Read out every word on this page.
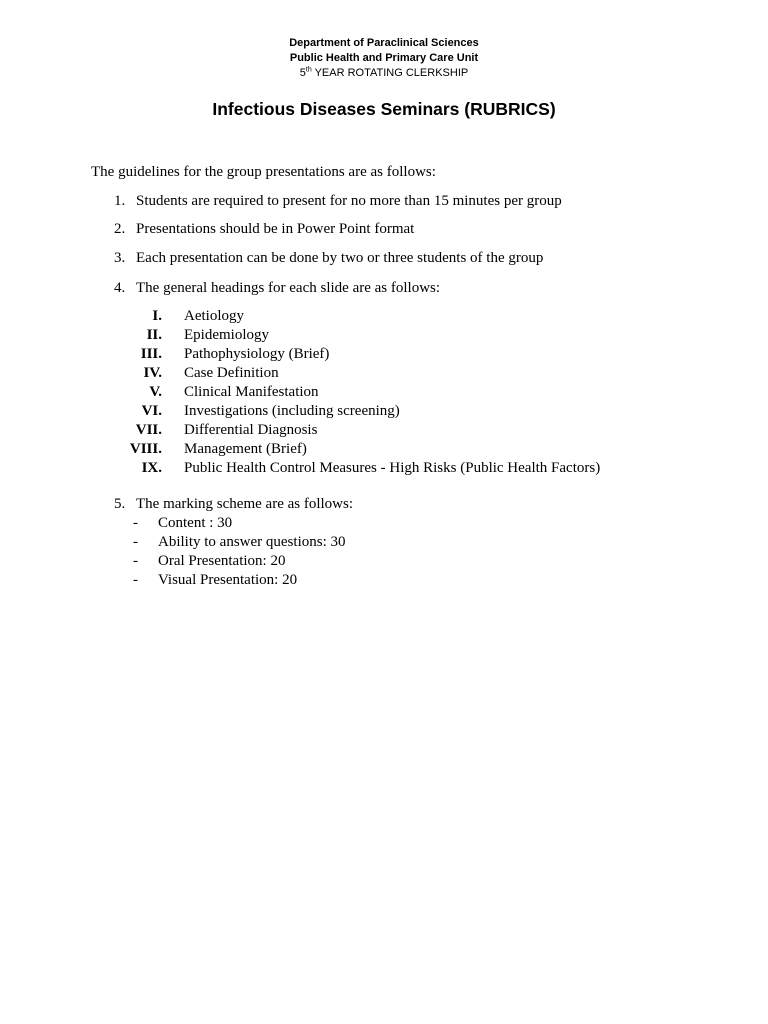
Department of Paraclinical Sciences
Public Health and Primary Care Unit
5th YEAR ROTATING CLERKSHIP
Infectious Diseases Seminars (RUBRICS)
The guidelines for the group presentations are as follows:
1. Students are required to present for no more than 15 minutes per group
2. Presentations should be in Power Point format
3. Each presentation can be done by two or three students of the group
4. The general headings for each slide are as follows:
I. Aetiology
II. Epidemiology
III. Pathophysiology (Brief)
IV. Case Definition
V. Clinical Manifestation
VI. Investigations (including screening)
VII. Differential Diagnosis
VIII. Management (Brief)
IX. Public Health Control Measures - High Risks (Public Health Factors)
5. The marking scheme are as follows:
- Content : 30
- Ability to answer questions: 30
- Oral Presentation: 20
- Visual Presentation: 20
